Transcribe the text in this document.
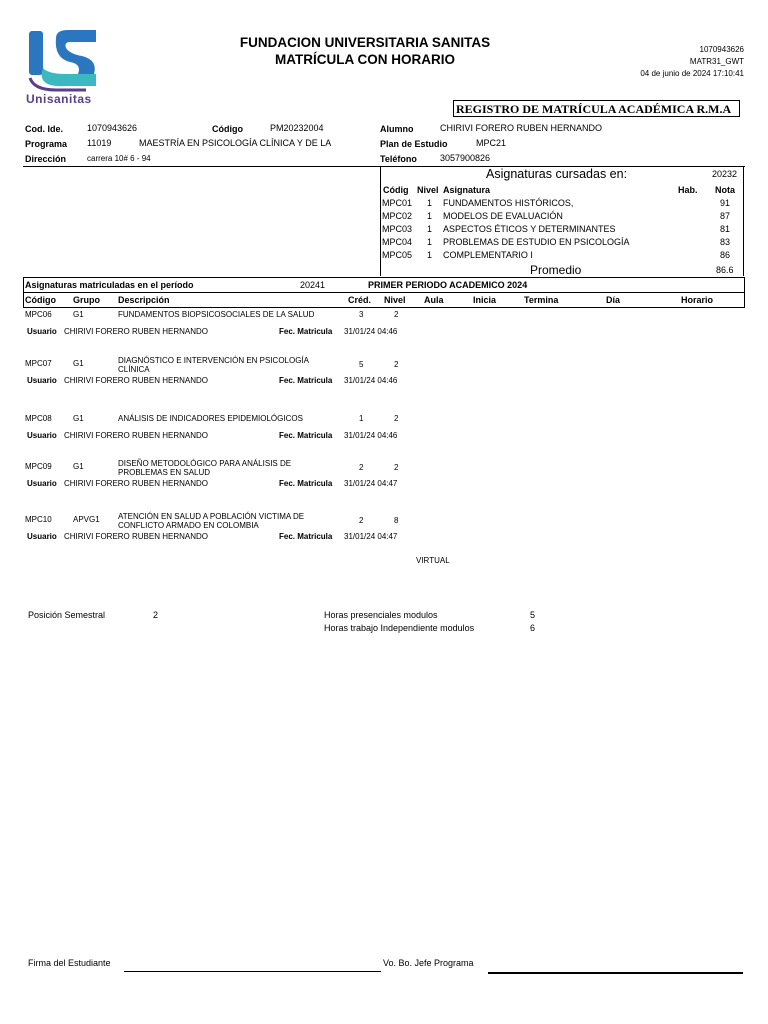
Unisanitas
FUNDACION UNIVERSITARIA SANITAS
MATRÍCULA CON HORARIO
1070943626
MATR31_GWT
04 de junio de 2024 17:10:41
REGISTRO DE MATRÍCULA ACADÉMICA R.M.A
Cod. Ide.	1070943626	Código	PM20232004	Alumno	CHIRIVI FORERO RUBEN HERNANDO
Programa 11019	MAESTRÍA EN PSICOLOGÍA CLÍNICA Y DE LA	Plan de Estudio	MPC21
Dirección	carrera 10# 6 - 94	Teléfono	3057900826
Asignaturas cursadas en:	20232
Códig Nivel Asignatura	Hab. Nota
MPC01 1 FUNDAMENTOS HISTÓRICOS,	91
MPC02 1 MODELOS DE EVALUACIÓN	87
MPC03 1 ASPECTOS ÉTICOS Y DETERMINANTES	81
MPC04 1 PROBLEMAS DE ESTUDIO EN PSICOLOGÍA	83
MPC05 1 COMPLEMENTARIO I	86
Promedio	86.6
Asignaturas matriculadas en el período	20241	PRIMER PERIODO ACADEMICO 2024
Código Grupo Descripción	Créd. Nivel Aula	Inicia	Termina	Día	Horario
MPC06	G1	FUNDAMENTOS BIOPSICOSOCIALES DE LA SALUD	3	2
Usuario CHIRIVI FORERO RUBEN HERNANDO	Fec. Matricula 31/01/24 04:46
MPC07	G1	DIAGNÓSTICO E INTERVENCIÓN EN PSICOLOGÍA
CLÍNICA
5	2
Usuario CHIRIVI FORERO RUBEN HERNANDO	Fec. Matricula 31/01/24 04:46
MPC08	G1	ANÁLISIS DE INDICADORES EPIDEMIOLÓGICOS	1	2
Usuario CHIRIVI FORERO RUBEN HERNANDO	Fec. Matricula 31/01/24 04:46
MPC09	G1	DISEÑO METODOLÓGICO PARA ANÁLISIS DE
PROBLEMAS EN SALUD
2	2
Usuario CHIRIVI FORERO RUBEN HERNANDO	Fec. Matricula 31/01/24 04:47
MPC10	APVG1 ATENCIÓN EN SALUD A POBLACIÓN VICTIMA DE
CONFLICTO ARMADO EN COLOMBIA
2	8
Usuario CHIRIVI FORERO RUBEN HERNANDO	Fec. Matricula 31/01/24 04:47
VIRTUAL
Posición Semestral	2	Horas presenciales modulos	5
Horas trabajo Independiente modulos	6
Firma del Estudiante	Vo. Bo. Jefe Programa
